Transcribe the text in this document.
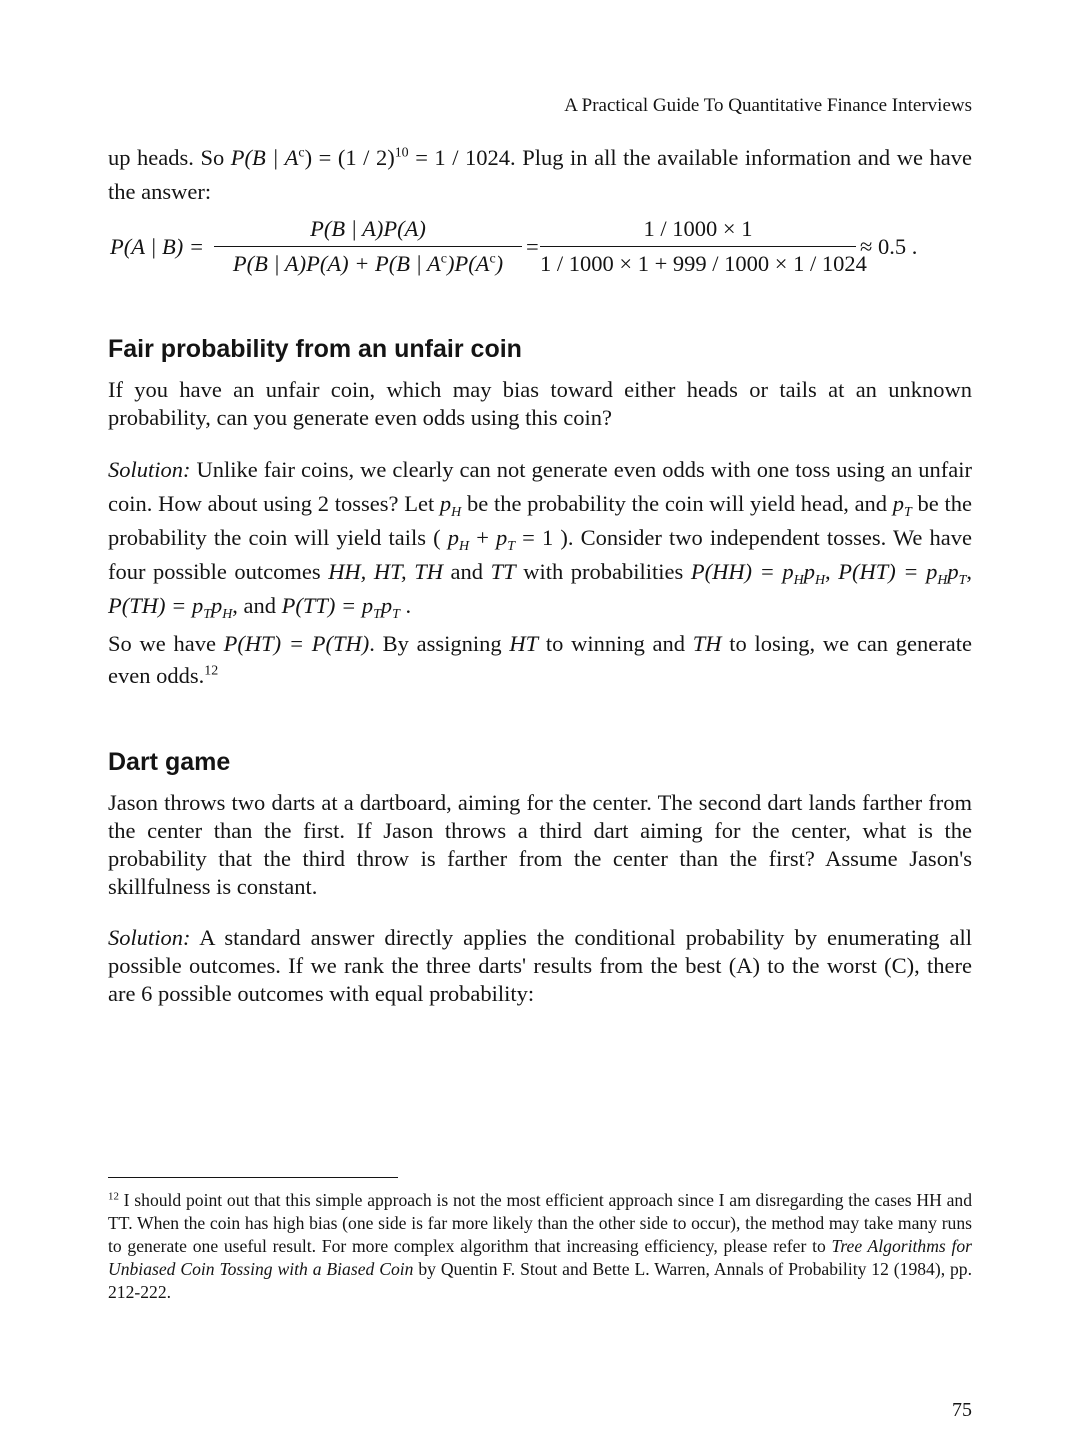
A Practical Guide To Quantitative Finance Interviews
up heads. So P(B | $A^c) = (1 / 2)^{10} = 1 / 1024$. Plug in all the available information and we have the answer:
P(A | $B) = \frac{P(B | A)P(A)}{P(B | A)P(A) + P(B | A^c)P(A^c)} = \frac{1 / 1000 \times 1}{1 / 1000 \times 1 + 999 / 1000 \times 1 / 1024} \approx 0.5$ .
Fair probability from an unfair coin
If you have an unfair coin, which may bias toward either heads or tails at an unknown probability, can you generate even odds using this coin?
Solution: Unlike fair coins, we clearly can not generate even odds with one toss using an unfair coin. How about using 2 tosses? Let $p_H$ be the probability the coin will yield head, and $p_T$ be the probability the coin will yield tails ( $p_H + p_T = 1$ ). Consider two independent tosses. We have four possible outcomes HH, HT, TH and TT with probabilities $P(HH) = p_Hp_H$, $P(HT) = p_Hp_T$, $P(TH) = p_Tp_H$, and $P(TT) = p_Tp_T$ .
So we have P(HT) = P(TH). By assigning HT to winning and TH to losing, we can generate even odds.$^{12}$
Dart game
Jason throws two darts at a dartboard, aiming for the center. The second dart lands farther from the center than the first. If Jason throws a third dart aiming for the center, what is the probability that the third throw is farther from the center than the first? Assume Jason's skillfulness is constant.
Solution: A standard answer directly applies the conditional probability by enumerating all possible outcomes. If we rank the three darts' results from the best (A) to the worst (C), there are 6 possible outcomes with equal probability:
$^{12}$ I should point out that this simple approach is not the most efficient approach since I am disregarding the cases HH and TT. When the coin has high bias (one side is far more likely than the other side to occur), the method may take many runs to generate one useful result. For more complex algorithm that increasing efficiency, please refer to Tree Algorithms for Unbiased Coin Tossing with a Biased Coin by Quentin F. Stout and Bette L. Warren, Annals of Probability 12 (1984), pp. 212-222.
75
